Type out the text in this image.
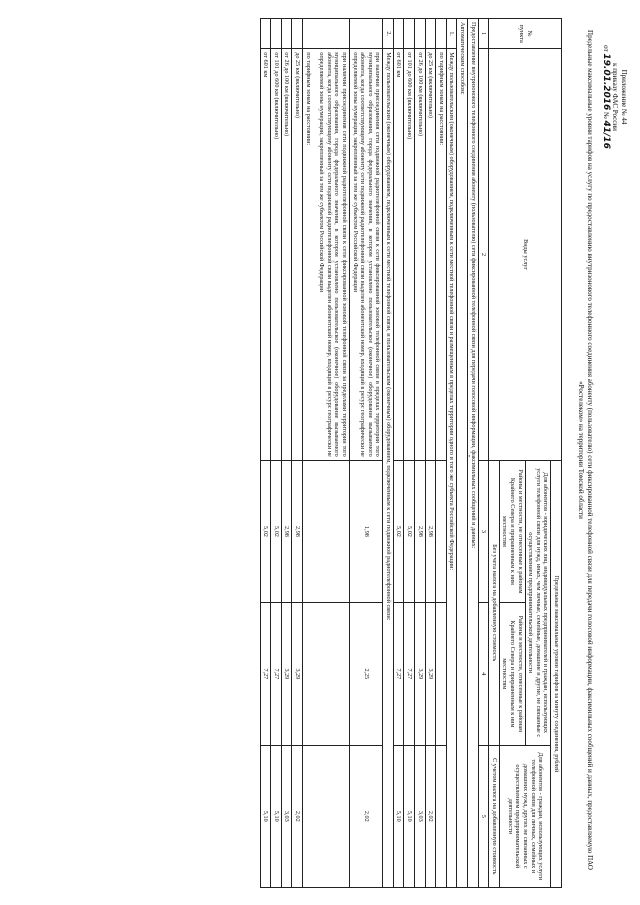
Приложение № 44
к приказу ФАС России
от 19.01.2016 № 41/16
Предельные максимальные уровни тарифов на услугу по предоставлению внутризонового телефонного соединения абоненту (пользователю) сети фиксированной телефонной связи для передачи голосовой информации, факсимильных сообщений и данных, предоставляемую ПАО «Ростелеком» на территории Томской области
"
№ пункта	Виды услуг	Предельные максимальные уровни тарифов за минуту соединения, рублей		
		Для абонентов - юридических лиц, индивидуальных предпринимателей и граждан, использующих услуги телефонной связи для нужд, иных, чем личные, семейные, домашние и другие, не связанные с осуществлением предпринимательской деятельности		Для абонентов - граждан, использующих услуги телефонной связи для личных, семейных и домашних нужд, других не связанных с осуществлением предпринимательской деятельности
		Районы и местности, не отнесенные к районам Крайнего Севера и приравненным к ним местностям	Районы и местности, отнесенные к районам Крайнего Севера и приравненным к ним местностям	
		Без учета налога на добавленную стоимость		С учетом налога на добавленную стоимость
1	2	3	4	5
Предоставление внутризонового телефонного соединения абоненту (пользователю) сети фиксированной телефонной связи для передачи голосовой информации, факсимильных сообщений и данных:				
Автоматическим способом:				
1.	Между пользовательским (оконечным) оборудованием, подключенным к сети местной телефонной связи и размещенным в пределах территории одного и того же субъекта Российской Федерации:			
	по тарифным зонам на расстоянии:			
	до 25 км (включительно)	2,98	3,29	2,02
	от 26 до 100 км (включительно)	2,98	3,29	3,03
	от 101 до 600 км (включительно)	5,02	7,27	5,10
	от 601 км	5,02	7,27	5,10
2.	Между пользовательским (оконечным) оборудованием, подключенным к сети местной телефонной связи, и пользовательским (оконечным) оборудованием, подключенным к сети подвижной радиотелефонной связи:			
	при наличии присоединения сети подвижной радиотелефонной связи к сети фиксированной зоновой телефонной связи в пределах территории того муниципального образования, города федерального значения, в котором установлено пользовательское (оконечное) оборудование вызываемого абонента, когда соответствующему абоненту сети подвижной радиотелефонной связи выделен абонентский номер, входящий в ресурс географически не определяемой зоны нумерации, закрепленный за тем же субъектом Российской Федерации	1,98	2,25	2,02

	при наличии присоединения сети подвижной радиотелефонной связи к сети фиксированной зоновой телефонной связи за пределами территории того муниципального образования, города федерального значения, в котором установлено пользовательское (оконечное) оборудование вызываемого абонента, когда соответствующему абоненту сети подвижной радиотелефонной связи выделен абонентский номер, входящий в ресурс географически не определяемой зоны нумерации, закрепленный за тем же субъектом Российской Федерации
по тарифным зонам на расстоянии:			

	до 25 км (включительно)	2,98	3,29	2,02
	от 26 до 100 км (включительно)	2,98	3,29	3,03
	от 101 до 600 км (включительно)	5,02	7,27	5,10
	от 601 км	5,02	7,27	5,10
